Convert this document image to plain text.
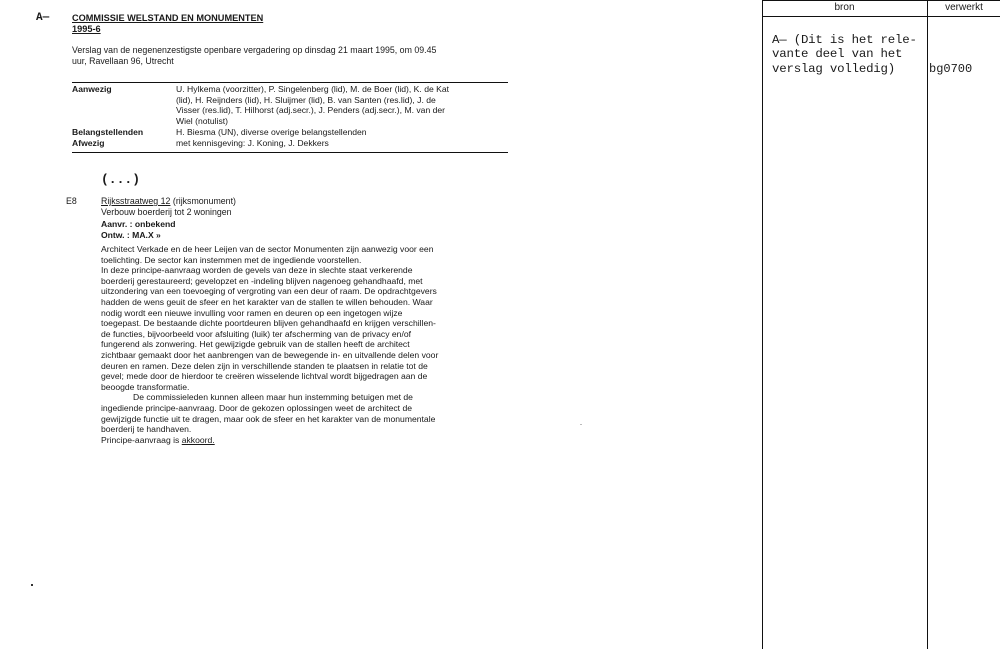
A— COMMISSIE WELSTAND EN MONUMENTEN
1995-6
Verslag van de negenenzestigste openbare vergadering op dinsdag 21 maart 1995, om 09.45
uur, Ravellaan 96, Utrecht
Aanwezig	U. Hylkema (voorzitter), P. Singelenberg (lid), M. de Boer (lid), K. de Kat
(lid), H. Reijnders (lid), H. Sluijmer (lid), B. van Santen (res.lid), J. de
Visser (res.lid), T. Hilhorst (adj.secr.), J. Penders (adj.secr.), M. van der
Wiel (notulist)
Belangstellenden	H. Biesma (UN), diverse overige belangstellenden
Afwezig	met kennisgeving: J. Koning, J. Dekkers
(...)
E8	Rijksstraatweg 12 (rijksmonument)
Verbouw boerderij tot 2 woningen
Aanvr. : onbekend
Ontw. : MA.X »

Architect Verkade en de heer Leijen van de sector Monumenten zijn aanwezig voor een

toelichting. De sector kan instemmen met de ingediende voorstellen.

In deze principe-aanvraag worden de gevels van deze in slechte staat verkerende

boerderij gerestaureerd; gevelopzet en -indeling blijven nagenoeg gehandhaafd, met

uitzondering van een toevoeging of vergroting van een deur of raam. De opdrachtgevers

hadden de wens geuit de sfeer en het karakter van de stallen te willen behouden. Waar

nodig wordt een nieuwe invulling voor ramen en deuren op een ingetogen wijze

toegepast. De bestaande dichte poortdeuren blijven gehandhaafd en krijgen verschillen-

de functies, bijvoorbeeld voor afsluiting (luik) ter afscherming van de privacy en/of

fungerend als zonwering. Het gewijzigde gebruik van de stallen heeft de architect

zichtbaar gemaakt door het aanbrengen van de bewegende in- en uitvallende delen voor

deuren en ramen. Deze delen zijn in verschillende standen te plaatsen in relatie tot de

gevel; mede door de hierdoor te creëren wisselende lichtval wordt bijgedragen aan de

beoogde transformatie.

De commissieleden kunnen alleen maar hun instemming betuigen met de

ingediende principe-aanvraag. Door de gekozen oplossingen weet de architect de

gewijzigde functie uit te dragen, maar ook de sfeer en het karakter van de monumentale

boerderij te handhaven.

Principe-aanvraag is akkoord.

bron	verwerkt
A— (Dit is het rele-
vante deel van het
verslag volledig)	bg0700
